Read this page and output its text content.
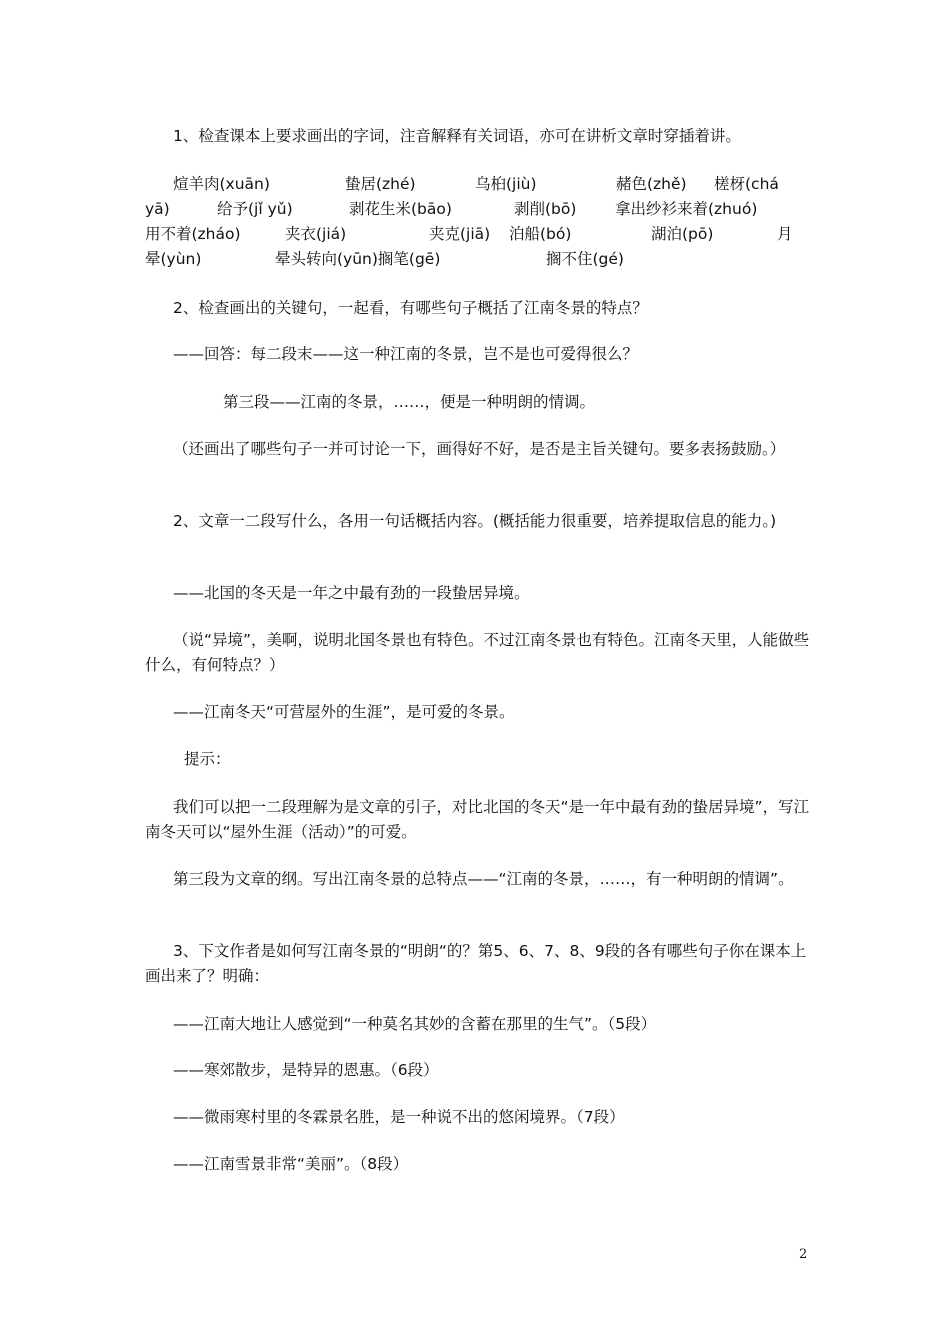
1、检查课本上要求画出的字词，注音解释有关词语，亦可在讲析文章时穿插着讲。

煊羊肉(xuān)	蛰居(zhé)	乌桕(jiù)	赭色(zhě) 槎枒(chá
yā)	给予(jǐ yǔ)	剥花生米(bāo)	剥削(bō) 拿出纱衫来着(zhuó)
用不着(zháo)	夹衣(jiá)	夹克(jiā) 泊船(bó)	湖泊(pō)	月
晕(yùn)	晕头转向(yūn)搁笔(gē)	搁不住(gé)

2、检查画出的关键句，一起看，有哪些句子概括了江南冬景的特点？

——回答：每二段末——这一种江南的冬景，岂不是也可爱得很么？

第三段——江南的冬景，……，便是一种明朗的情调。

（还画出了哪些句子一并可讨论一下，画得好不好，是否是主旨关键句。要多表扬鼓励。）

2、文章一二段写什么，各用一句话概括内容。(概括能力很重要，培养提取信息的能力。)

——北国的冬天是一年之中最有劲的一段蛰居异境。

（说“异境”，美啊，说明北国冬景也有特色。不过江南冬景也有特色。江南冬天里，人能做些什么，有何特点？）

——江南冬天“可营屋外的生涯”，是可爱的冬景。

提示：

我们可以把一二段理解为是文章的引子，对比北国的冬天“是一年中最有劲的蛰居异境”，写江南冬天可以“屋外生涯（活动）”的可爱。

第三段为文章的纲。写出江南冬景的总特点——“江南的冬景，……，有一种明朗的情调”。

3、下文作者是如何写江南冬景的“明朗“的？第5、6、7、8、9段的各有哪些句子你在课本上画出来了？明确：

——江南大地让人感觉到“一种莫名其妙的含蓄在那里的生气”。（5段）

——寒郊散步，是特异的恩惠。（6段）

——微雨寒村里的冬霖景名胜，是一种说不出的悠闲境界。（7段）

——江南雪景非常“美丽”。（8段）

2
